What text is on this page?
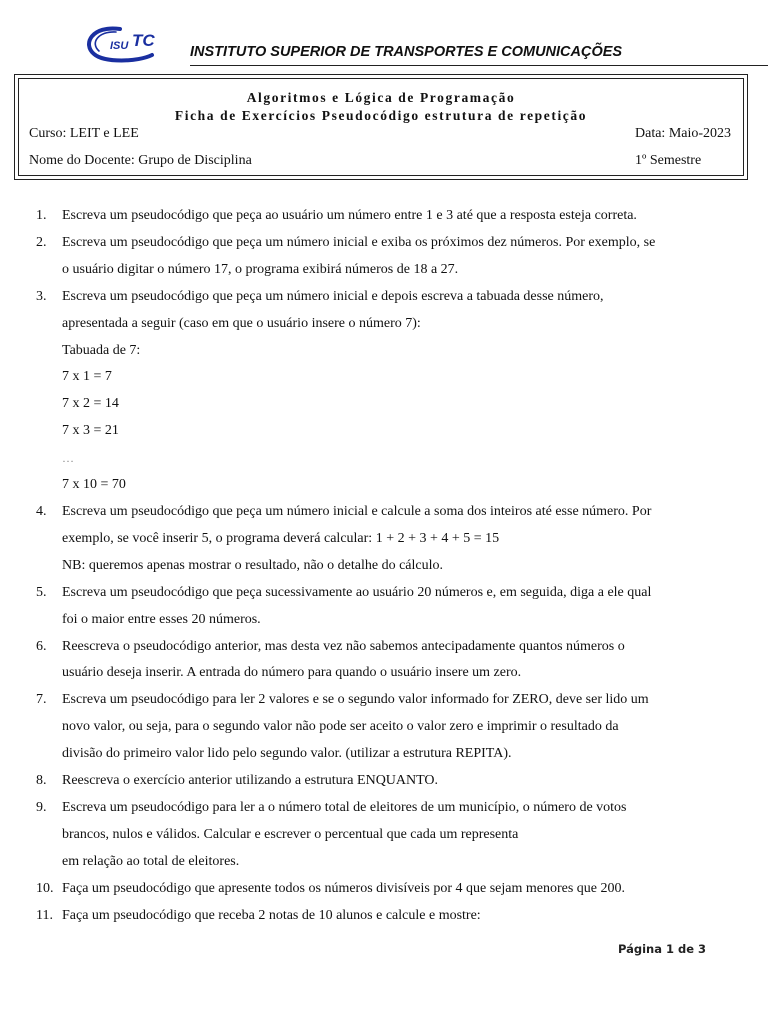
ISU TC
INSTITUTO SUPERIOR DE TRANSPORTES E COMUNICAÇÕES
Algoritmos e Lógica de Programação
Ficha de Exercícios Pseudocódigo estrutura de repetição
Curso: LEIT e LEE	Data: Maio-2023
Nome do Docente: Grupo de Disciplina	1º Semestre
1.	Escreva um pseudocódigo que peça ao usuário um número entre 1 e 3 até que a resposta esteja correta.
2.	Escreva um pseudocódigo que peça um número inicial e exiba os próximos dez números. Por exemplo, se
o usuário digitar o número 17, o programa exibirá números de 18 a 27.
3.	Escreva um pseudocódigo que peça um número inicial e depois escreva a tabuada desse número,
apresentada a seguir (caso em que o usuário insere o número 7):
Tabuada de 7:
7 x 1 = 7
7 x 2 = 14
7 x 3 = 21
…
7 x 10 = 70
4.	Escreva um pseudocódigo que peça um número inicial e calcule a soma dos inteiros até esse número. Por
exemplo, se você inserir 5, o programa deverá calcular: 1 + 2 + 3 + 4 + 5 = 15
NB: queremos apenas mostrar o resultado, não o detalhe do cálculo.
5.	Escreva um pseudocódigo que peça sucessivamente ao usuário 20 números e, em seguida, diga a ele qual
foi o maior entre esses 20 números.
6.	Reescreva o pseudocódigo anterior, mas desta vez não sabemos antecipadamente quantos números o
usuário deseja inserir. A entrada do número para quando o usuário insere um zero.
7.	Escreva um pseudocódigo para ler 2 valores e se o segundo valor informado for ZERO, deve ser lido um
novo valor, ou seja, para o segundo valor não pode ser aceito o valor zero e imprimir o resultado da
divisão do primeiro valor lido pelo segundo valor. (utilizar a estrutura REPITA).
8.	Reescreva o exercício anterior utilizando a estrutura ENQUANTO.
9.	Escreva um pseudocódigo para ler a o número total de eleitores de um município, o número de votos
brancos, nulos e válidos. Calcular e escrever o percentual que cada um representa
em relação ao total de eleitores.
10. Faça um pseudocódigo que apresente todos os números divisíveis por 4 que sejam menores que 200.
11. Faça um pseudocódigo que receba 2 notas de 10 alunos e calcule e mostre:
Página 1 de 3
